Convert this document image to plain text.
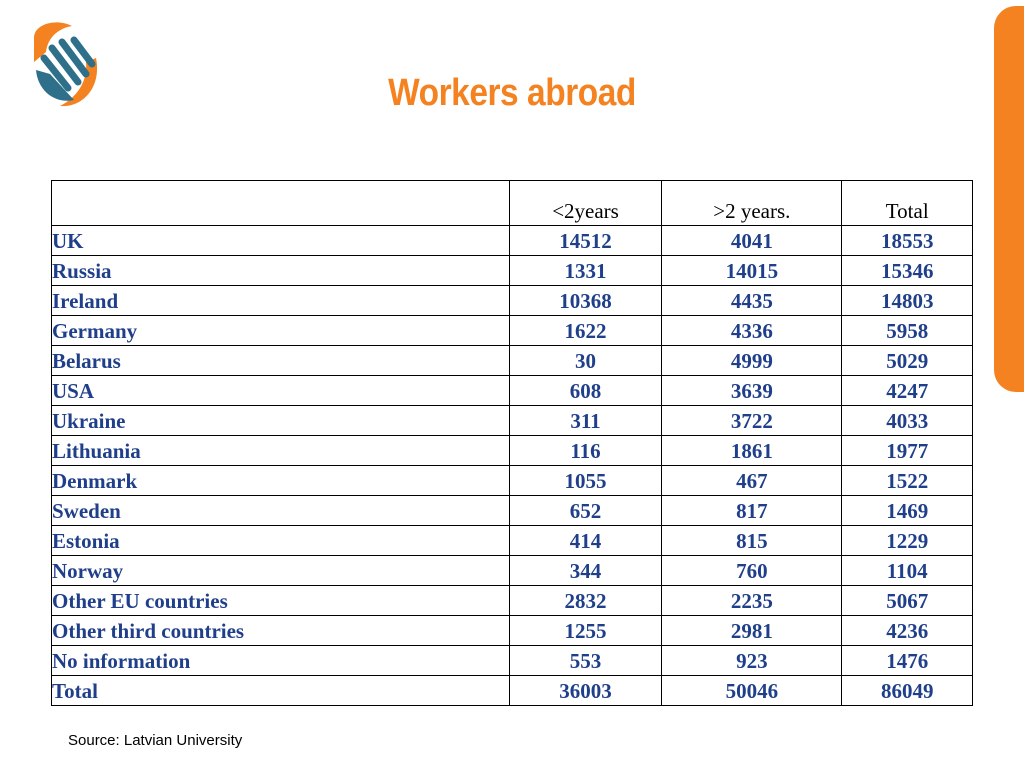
Workers abroad
	<2years	>2 years.	Total
UK	14512	4041	18553
Russia	1331	14015	15346
Ireland	10368	4435	14803
Germany	1622	4336	5958
Belarus	30	4999	5029
USA	608	3639	4247
Ukraine	311	3722	4033
Lithuania	116	1861	1977
Denmark	1055	467	1522
Sweden	652	817	1469
Estonia	414	815	1229
Norway	344	760	1104
Other EU countries	2832	2235	5067
Other third countries	1255	2981	4236
No information	553	923	1476
Total	36003	50046	86049
Source: Latvian University
